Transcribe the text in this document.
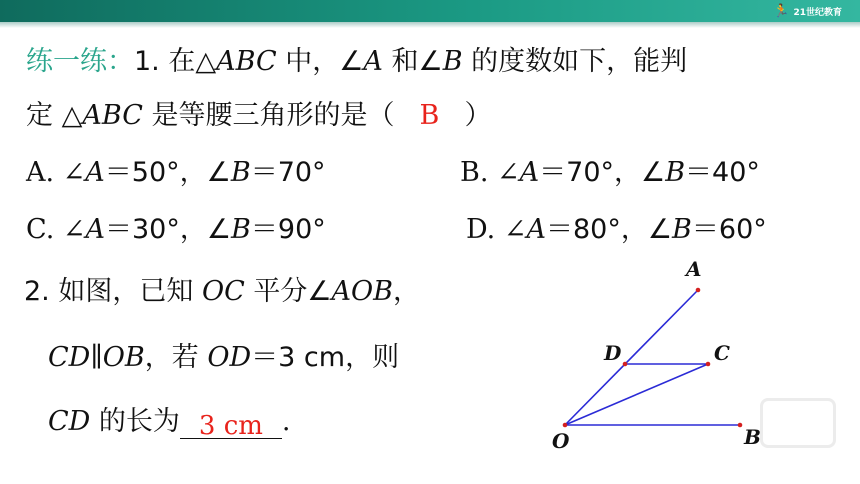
🏃 21世纪教育
练一练：1. 在△ABC 中，∠A 和∠B 的度数如下，能判
定 △ABC 是等腰三角形的是（ B ）
A. ∠A＝50°，∠B＝70°	B. ∠A＝70°，∠B＝40°
C. ∠A＝30°，∠B＝90°	D. ∠A＝80°，∠B＝60°
2. 如图，已知 OC 平分∠AOB，
CD∥OB，若 OD＝3 cm，则
CD 的长为 3 cm .
A
D	C
O	B
